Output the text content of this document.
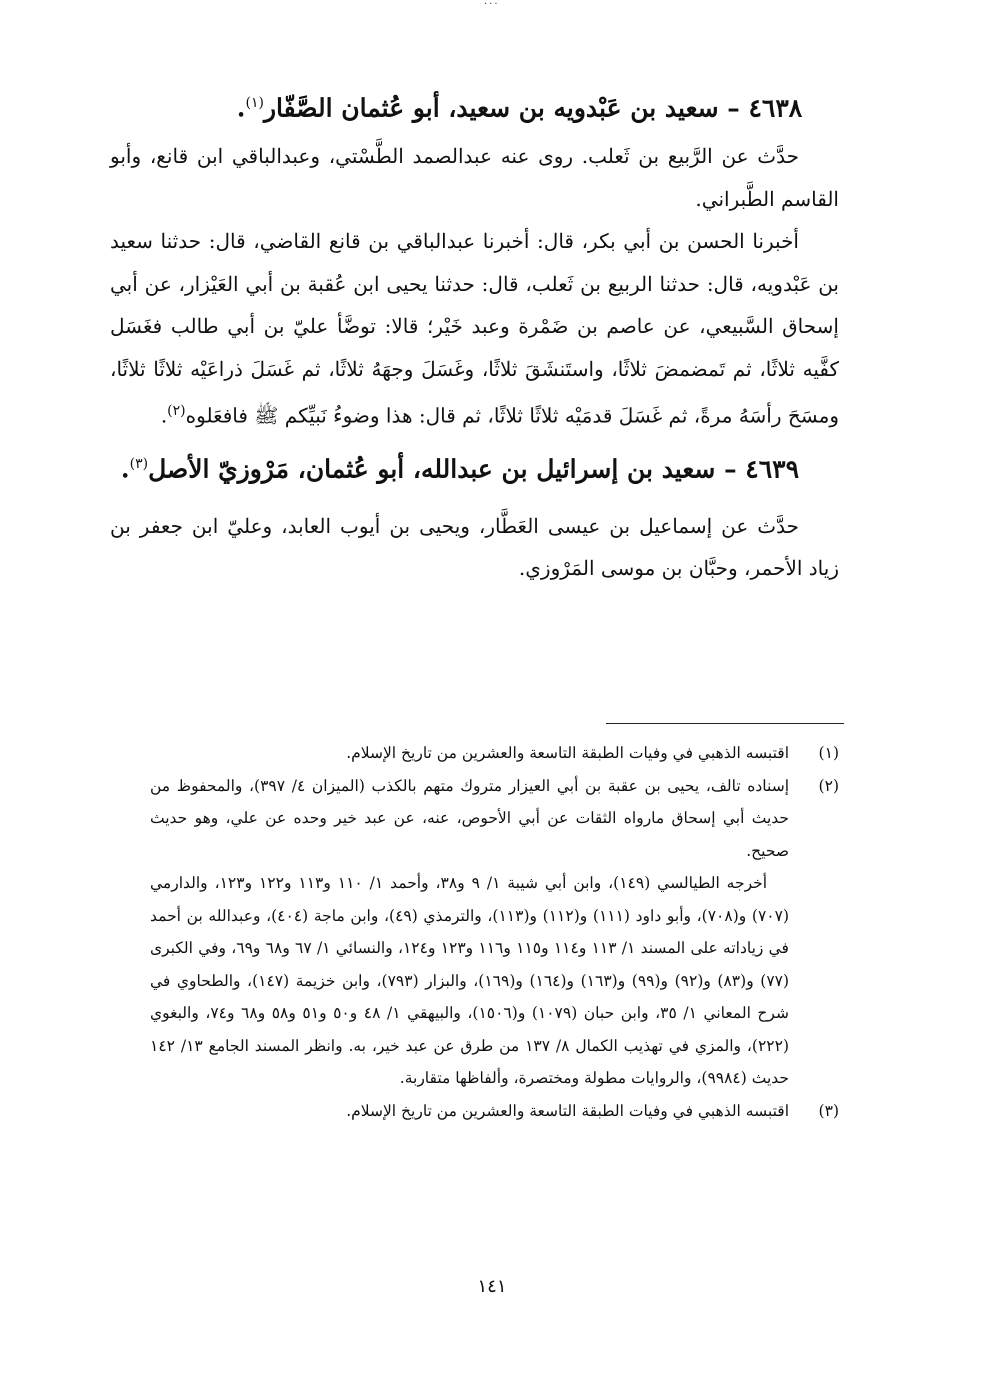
···
٤٦٣٨ – سعيد بن عَبْدويه بن سعيد، أبو عُثمان الصَّفّار$^{(١)}$.

حدَّث عن الرَّبيع بن ثَعلب. روى عنه عبدالصمد الطَّسْتي، وعبدالباقي ابن قانع، وأبو القاسم الطَّبراني.

أخبرنا الحسن بن أبي بكر، قال: أخبرنا عبدالباقي بن قانع القاضي، قال: حدثنا سعيد بن عَبْدويه، قال: حدثنا الربيع بن ثَعلب، قال: حدثنا يحيى ابن عُقبة بن أبي العَيْزار، عن أبي إسحاق السَّبيعي، عن عاصم بن ضَمْرة وعبد خَيْر؛ قالا: توضَّأ عليّ بن أبي طالب فغَسَل كفَّيه ثلاثًا، ثم تَمضمضَ ثلاثًا، واستَنشَقَ ثلاثًا، وغَسَلَ وجهَهُ ثلاثًا، ثم غَسَلَ ذراعَيْه ثلاثًا ثلاثًا، ومسَحَ رأسَهُ مرةً، ثم غَسَلَ قدمَيْه ثلاثًا ثلاثًا، ثم قال: هذا وضوءُ نَبيِّكم ﷺ فافعَلوه$^{(٢)}$.

٤٦٣٩ – سعيد بن إسرائيل بن عبدالله، أبو عُثمان، مَرْوزيّ الأصل$^{(٣)}$.

حدَّث عن إسماعيل بن عيسى العَطَّار، ويحيى بن أيوب العابد، وعليّ ابن جعفر بن زياد الأحمر، وحبَّان بن موسى المَرْوزي.

(١)
اقتبسه الذهبي في وفيات الطبقة التاسعة والعشرين من تاريخ الإسلام.

(٢)
إسناده تالف، يحيى بن عقبة بن أبي العيزار متروك متهم بالكذب (الميزان ٤/ ٣٩٧)، والمحفوظ من حديث أبي إسحاق مارواه الثقات عن أبي الأحوص، عنه، عن عبد خير وحده عن علي، وهو حديث صحيح.

أخرجه الطيالسي (١٤٩)، وابن أبي شيبة ١/ ٩ و٣٨، وأحمد ١/ ١١٠ و١١٣ و١٢٢ و١٢٣، والدارمي (٧٠٧) و(٧٠٨)، وأبو داود (١١١) و(١١٢) و(١١٣)، والترمذي (٤٩)، وابن ماجة (٤٠٤)، وعبدالله بن أحمد في زياداته على المسند ١/ ١١٣ و١١٤ و١١٥ و١١٦ و١٢٣ و١٢٤، والنسائي ١/ ٦٧ و٦٨ و٦٩، وفي الكبرى (٧٧) و(٨٣) و(٩٢) و(٩٩) و(١٦٣) و(١٦٤) و(١٦٩)، والبزار (٧٩٣)، وابن خزيمة (١٤٧)، والطحاوي في شرح المعاني ١/ ٣٥، وابن حبان (١٠٧٩) و(١٥٠٦)، والبيهقي ١/ ٤٨ و٥٠ و٥١ و٥٨ و٦٨ و٧٤، والبغوي (٢٢٢)، والمزي في تهذيب الكمال ٨/ ١٣٧ من طرق عن عبد خير، به. وانظر المسند الجامع ١٣/ ١٤٢ حديث (٩٩٨٤)، والروايات مطولة ومختصرة، وألفاظها متقاربة.

(٣)
اقتبسه الذهبي في وفيات الطبقة التاسعة والعشرين من تاريخ الإسلام.

١٤١
